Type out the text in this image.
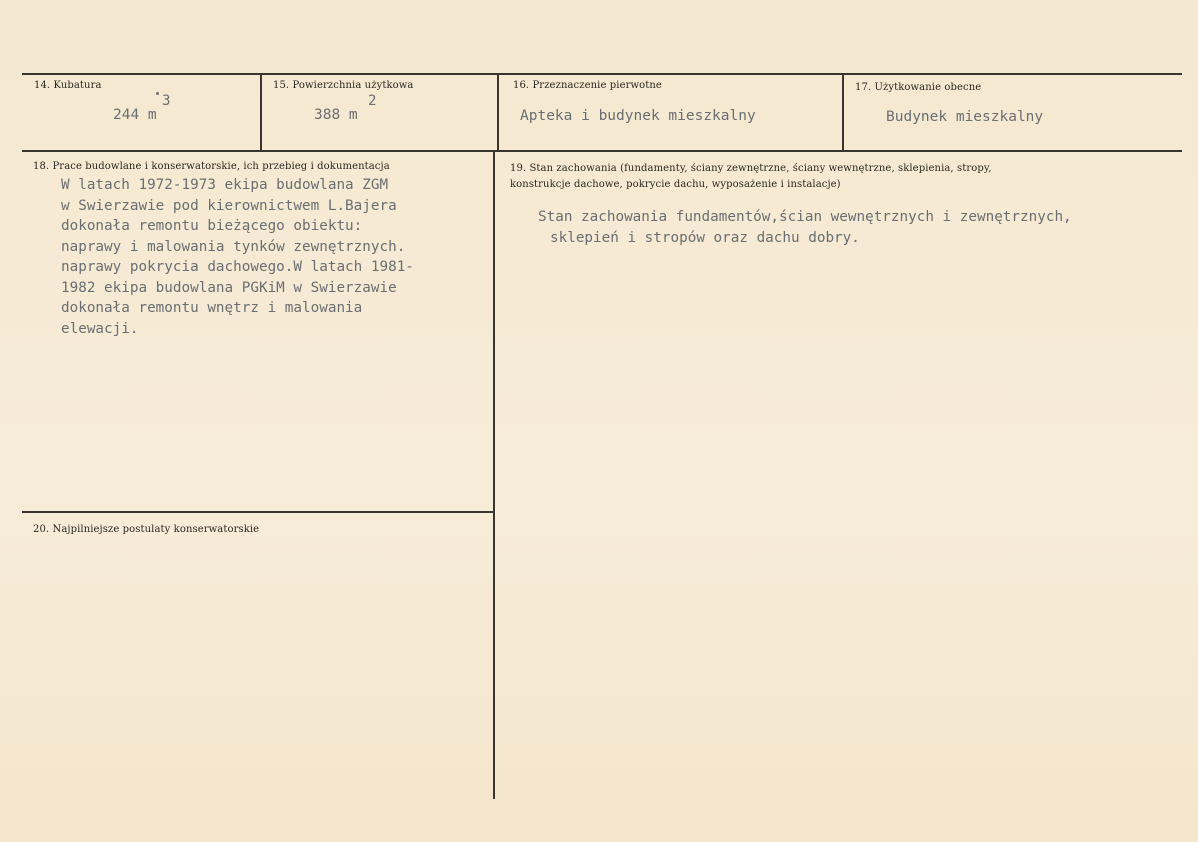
14. Kubatura
244 m
3
15. Powierzchnia użytkowa
388 m
2
16. Przeznaczenie pierwotne
Apteka i budynek mieszkalny
17. Użytkowanie obecne
Budynek mieszkalny
18. Prace budowlane i konserwatorskie, ich przebieg i dokumentacja
W latach 1972-1973 ekipa budowlana ZGM
w Swierzawie pod kierownictwem L.Bajera
dokonała remontu bieżącego obiektu:
naprawy i malowania tynków zewnętrznych.
naprawy pokrycia dachowego.W latach 1981-
1982 ekipa budowlana PGKiM w Swierzawie
dokonała remontu wnętrz i malowania
elewacji.
19. Stan zachowania (fundamenty, ściany zewnętrzne, ściany wewnętrzne, sklepienia, stropy,
konstrukcje dachowe, pokrycie dachu, wyposażenie i instalacje)
Stan zachowania fundamentów,ścian wewnętrznych i zewnętrznych,
sklepień i stropów oraz dachu dobry.
20. Najpilniejsze postulaty konserwatorskie
